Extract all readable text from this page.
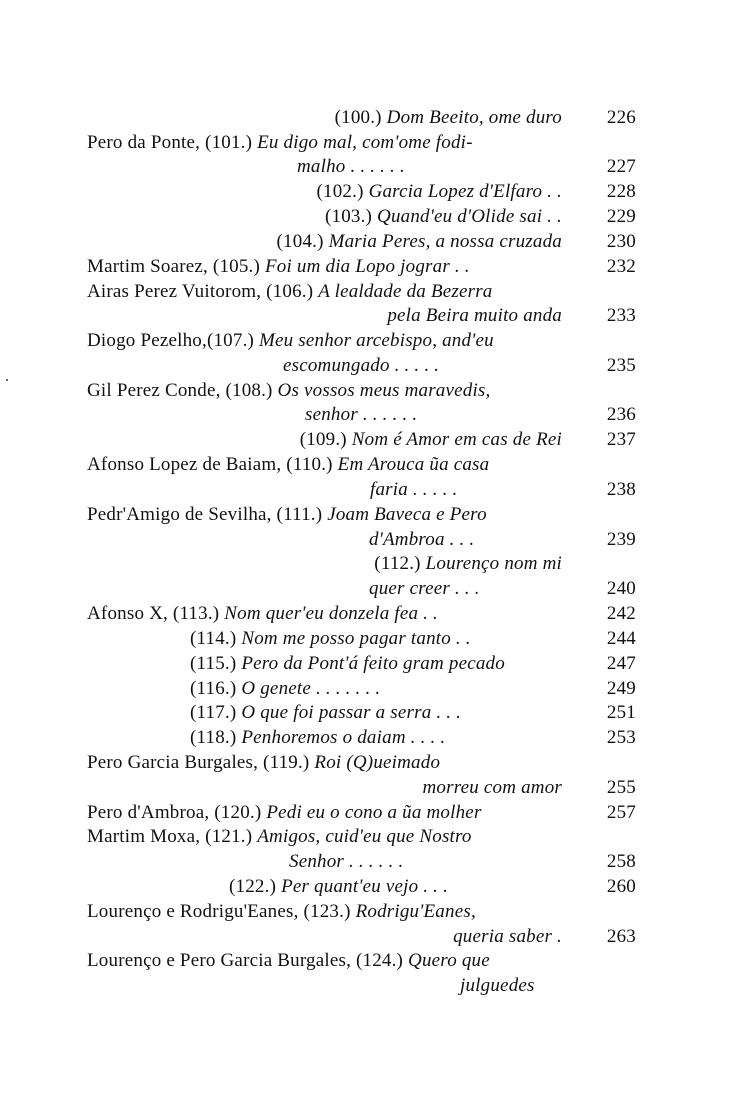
(100.) Dom Beeito, ome duro	226
Pero da Ponte, (101.) Eu digo mal, com'ome fodi-
malho . . . . . .	227
(102.) Garcia Lopez d'Elfaro . .	228
(103.) Quand'eu d'Olide sai . .	229
(104.) Maria Peres, a nossa cruzada	230
Martim Soarez, (105.) Foi um dia Lopo jograr . .	232
Airas Perez Vuitorom, (106.) A lealdade da Bezerra
pela Beira muito anda	233
Diogo Pezelho,(107.) Meu senhor arcebispo, and'eu
escomungado . . . . .	235
Gil Perez Conde, (108.) Os vossos meus maravedis,
senhor . . . . . .	236
(109.) Nom é Amor em cas de Rei	237
Afonso Lopez de Baiam, (110.) Em Arouca ũa casa
faria . . . . .	238
Pedr'Amigo de Sevilha, (111.) Joam Baveca e Pero
d'Ambroa . . .	239
(112.) Lourenço nom mi
quer creer . . .	240
Afonso X, (113.) Nom quer'eu donzela fea . .	242
(114.) Nom me posso pagar tanto . .	244
(115.) Pero da Pont'á feito gram pecado	247
(116.) O genete . . . . . . .	249
(117.) O que foi passar a serra . . .	251
(118.) Penhoremos o daiam . . . .	253
Pero Garcia Burgales, (119.) Roi (Q)ueimado
morreu com amor	255
Pero d'Ambroa, (120.) Pedi eu o cono a ũa molher	257
Martim Moxa, (121.) Amigos, cuid'eu que Nostro
Senhor . . . . . .	258
(122.) Per quant'eu vejo . . .	260
Lourenço e Rodrigu'Eanes, (123.) Rodrigu'Eanes,
queria saber .	263
Lourenço e Pero Garcia Burgales, (124.) Quero que
julguedes
